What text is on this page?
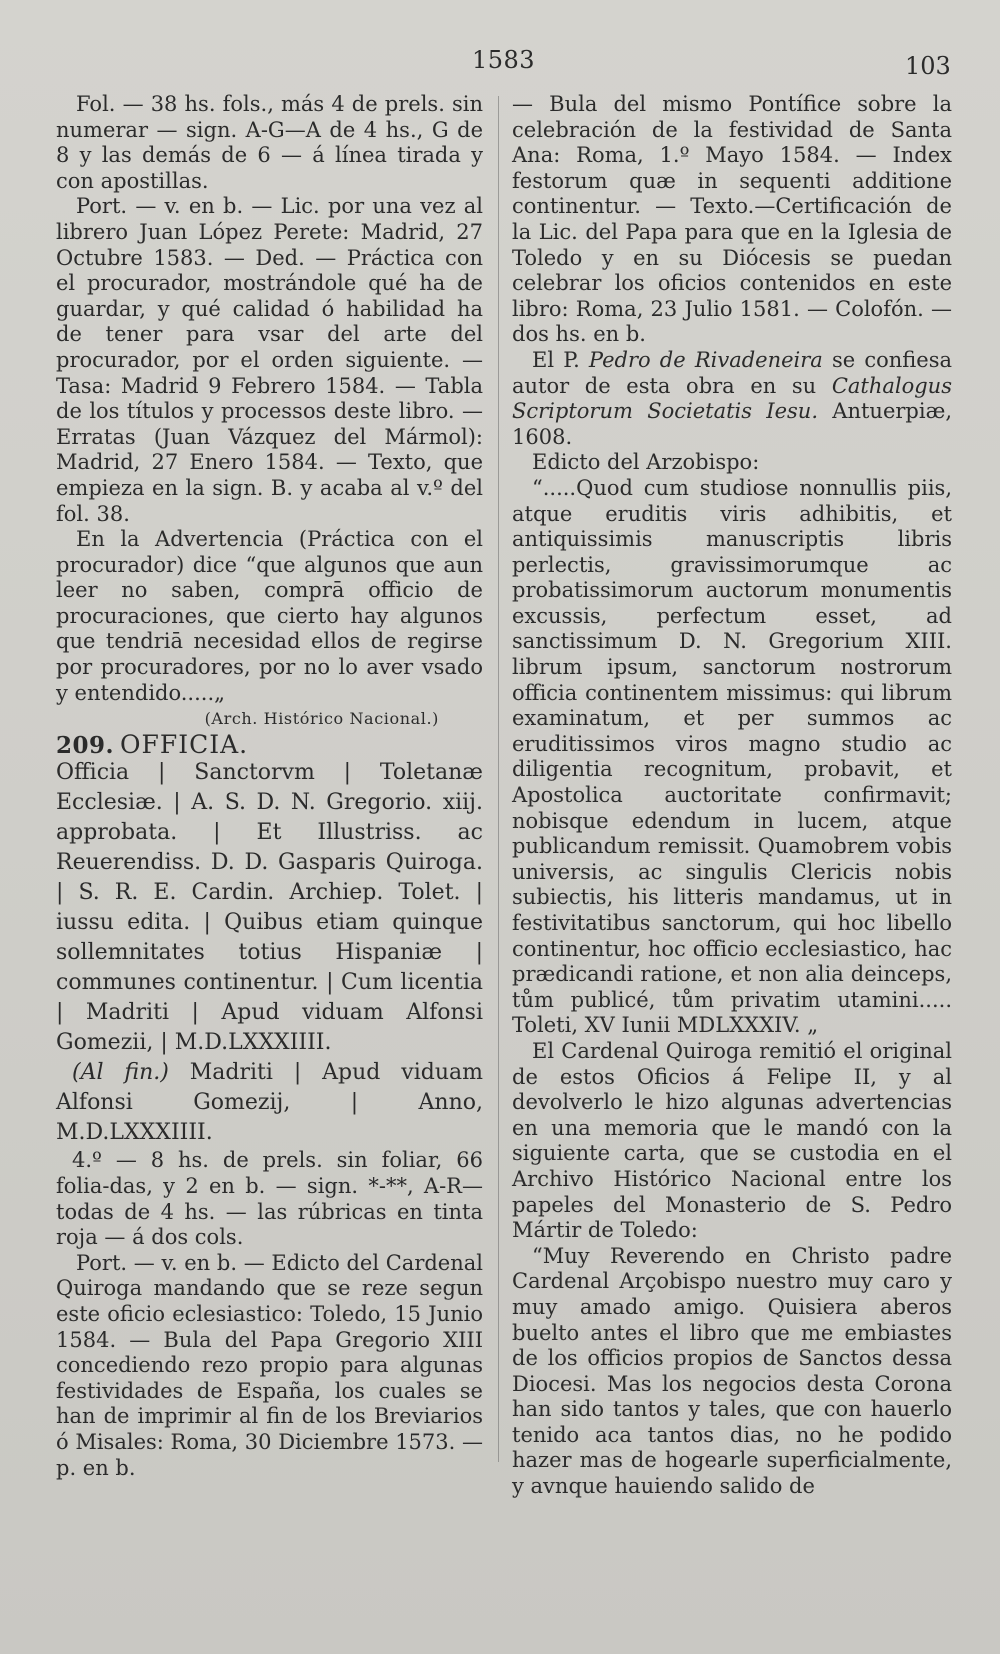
1583	103

Fol. — 38 hs. fols., más 4 de prels. sin numerar — sign. A-G—A de 4 hs., G de 8 y las demás de 6 — á línea tirada y con apostillas.

Port. — v. en b. — Lic. por una vez al librero Juan López Perete: Madrid, 27 Octubre 1583. — Ded. — Práctica con el procurador, mostrándole qué ha de guardar, y qué calidad ó habilidad ha de tener para vsar del arte del procurador, por el orden siguiente. — Tasa: Madrid 9 Febrero 1584. — Tabla de los títulos y processos deste libro. — Erratas (Juan Vázquez del Mármol): Madrid, 27 Enero 1584. — Texto, que empieza en la sign. B. y acaba al v.º del fol. 38.

En la Advertencia (Práctica con el procurador) dice “que algunos que aun leer no saben, comprā officio de procuraciones, que cierto hay algunos que tendriā necesidad ellos de regirse por procuradores, por no lo aver vsado y entendido.....„

(Arch. Histórico Nacional.)

209. OFFICIA.

Officia | Sanctorvm | Toletanæ Ecclesiæ. | A. S. D. N. Gregorio. xiij. approbata. | Et Illustriss. ac Reuerendiss. D. D. Gasparis Quiroga. | S. R. E. Cardin. Archiep. Tolet. | iussu edita. | Quibus etiam quinque sollemnitates totius Hispaniæ | communes continentur. | Cum licentia | Madriti | Apud viduam Alfonsi Gomezii, | M.D.LXXXIIII.

(Al fin.) Madriti | Apud viduam Alfonsi Gomezij, | Anno, M.D.LXXXIIII.

4.º — 8 hs. de prels. sin foliar, 66 folia-das, y 2 en b. — sign. *-**, A-R— todas de 4 hs. — las rúbricas en tinta roja — á dos cols.

Port. — v. en b. — Edicto del Cardenal Quiroga mandando que se reze segun este oficio eclesiastico: Toledo, 15 Junio 1584. — Bula del Papa Gregorio XIII concediendo rezo propio para algunas festividades de España, los cuales se han de imprimir al fin de los Breviarios ó Misales: Roma, 30 Diciembre 1573. — p. en b.

— Bula del mismo Pontífice sobre la celebración de la festividad de Santa Ana: Roma, 1.º Mayo 1584. — Index festorum quæ in sequenti additione continentur. — Texto.—Certificación de la Lic. del Papa para que en la Iglesia de Toledo y en su Diócesis se puedan celebrar los oficios contenidos en este libro: Roma, 23 Julio 1581. — Colofón. — dos hs. en b.

El P. Pedro de Rivadeneira se confiesa autor de esta obra en su Cathalogus Scriptorum Societatis Iesu. Antuerpiæ, 1608.

Edicto del Arzobispo:

“.....Quod cum studiose nonnullis piis, atque eruditis viris adhibitis, et antiquissimis manuscriptis libris perlectis, gravissimorumque ac probatissimorum auctorum monumentis excussis, perfectum esset, ad sanctissimum D. N. Gregorium XIII. librum ipsum, sanctorum nostrorum officia continentem missimus: qui librum examinatum, et per summos ac eruditissimos viros magno studio ac diligentia recognitum, probavit, et Apostolica auctoritate confirmavit; nobisque edendum in lucem, atque publicandum remissit. Quamobrem vobis universis, ac singulis Clericis nobis subiectis, his litteris mandamus, ut in festivitatibus sanctorum, qui hoc libello continentur, hoc officio ecclesiastico, hac prædicandi ratione, et non alia deinceps, tům publicé, tům privatim utamini..... Toleti, XV Iunii MDLXXXIV. „

El Cardenal Quiroga remitió el original de estos Oficios á Felipe II, y al devolverlo le hizo algunas advertencias en una memoria que le mandó con la siguiente carta, que se custodia en el Archivo Histórico Nacional entre los papeles del Monasterio de S. Pedro Mártir de Toledo:

“Muy Reverendo en Christo padre Cardenal Arçobispo nuestro muy caro y muy amado amigo. Quisiera aberos buelto antes el libro que me embiastes de los officios propios de Sanctos dessa Diocesi. Mas los negocios desta Corona han sido tantos y tales, que con hauerlo tenido aca tantos dias, no he podido hazer mas de hogearle superficialmente, y avnque hauiendo salido de
